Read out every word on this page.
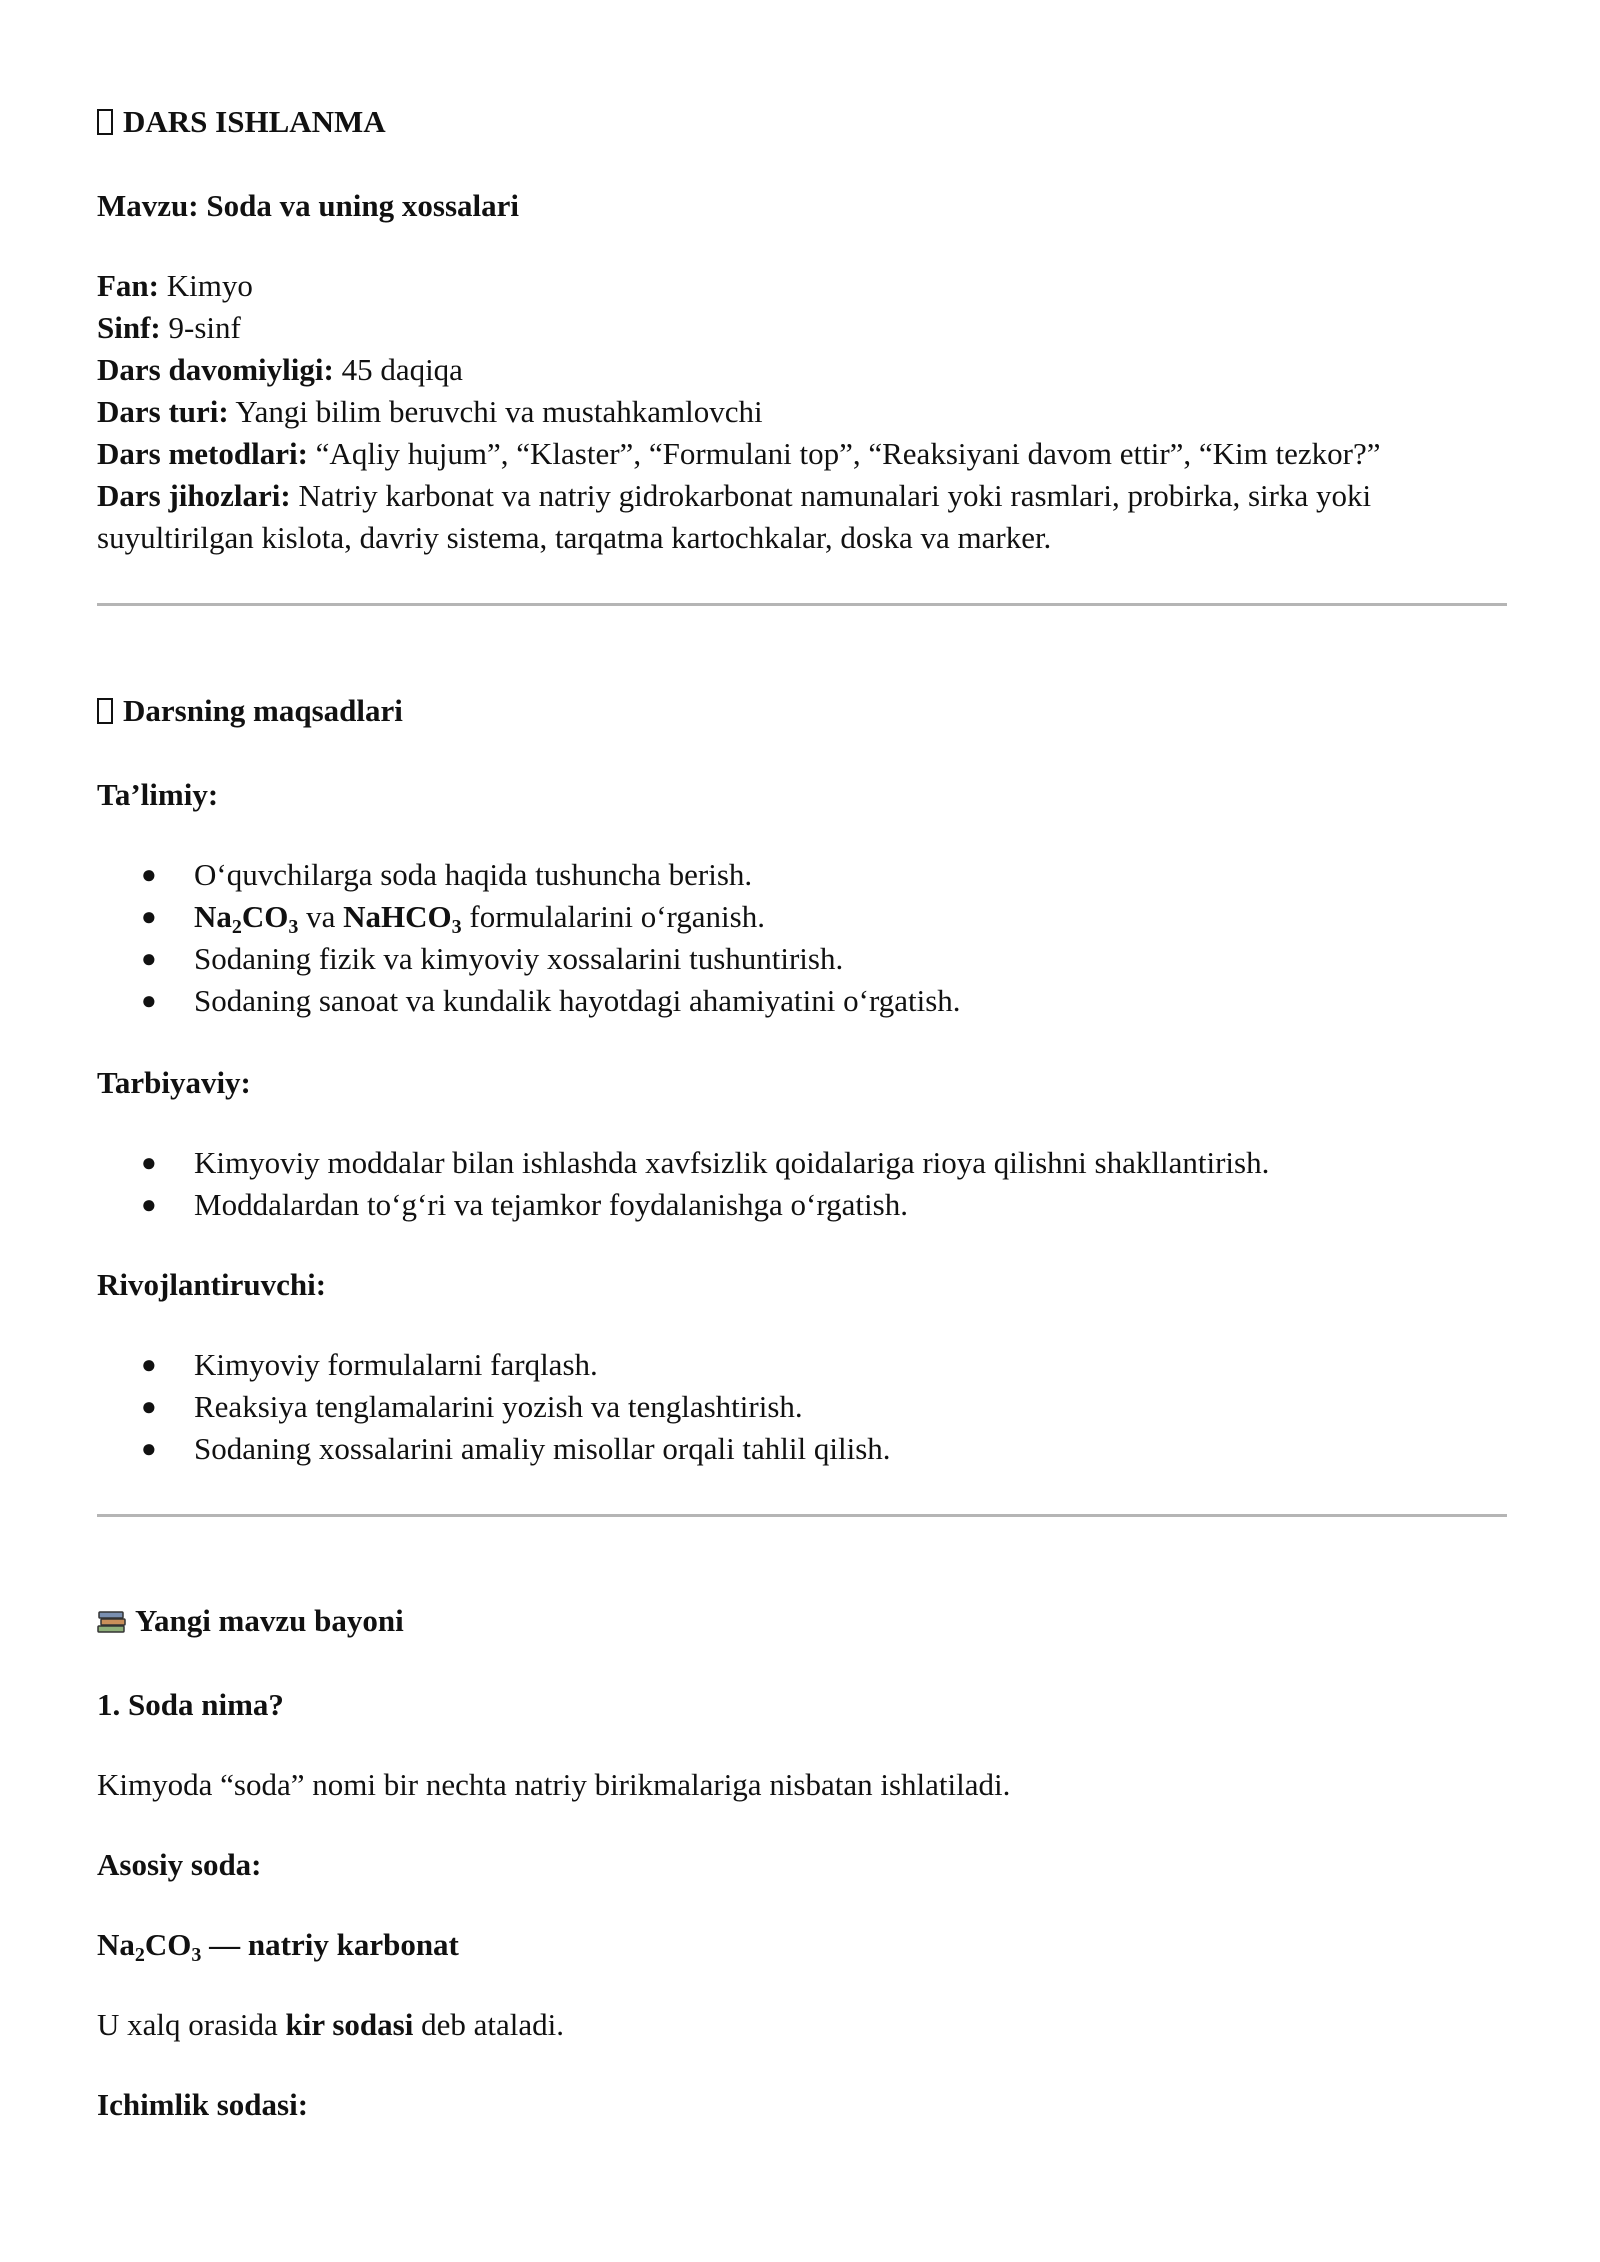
DARS ISHLANMA
Mavzu: Soda va uning xossalari
Fan: Kimyo
Sinf: 9-sinf
Dars davomiyligi: 45 daqiqa
Dars turi: Yangi bilim beruvchi va mustahkamlovchi
Dars metodlari: “Aqliy hujum”, “Klaster”, “Formulani top”, “Reaksiyani davom ettir”, “Kim tezkor?”
Dars jihozlari: Natriy karbonat va natriy gidrokarbonat namunalari yoki rasmlari, probirka, sirka yoki
suyultirilgan kislota, davriy sistema, tarqatma kartochkalar, doska va marker.
Darsning maqsadlari
Ta’limiy:
● O‘quvchilarga soda haqida tushuncha berish.
● $Na_2CO_3$ va NaHCO$_3$ formulalarini o‘rganish.
● Sodaning fizik va kimyoviy xossalarini tushuntirish.
● Sodaning sanoat va kundalik hayotdagi ahamiyatini o‘rgatish.
Tarbiyaviy:
● Kimyoviy moddalar bilan ishlashda xavfsizlik qoidalariga rioya qilishni shakllantirish.
● Moddalardan to‘g‘ri va tejamkor foydalanishga o‘rgatish.
Rivojlantiruvchi:
● Kimyoviy formulalarni farqlash.
● Reaksiya tenglamalarini yozish va tenglashtirish.
● Sodaning xossalarini amaliy misollar orqali tahlil qilish.
Yangi mavzu bayoni
1. Soda nima?
Kimyoda “soda” nomi bir nechta natriy birikmalariga nisbatan ishlatiladi.
Asosiy soda:
$Na_2CO_3$ — natriy karbonat
U xalq orasida kir sodasi deb ataladi.
Ichimlik sodasi:
